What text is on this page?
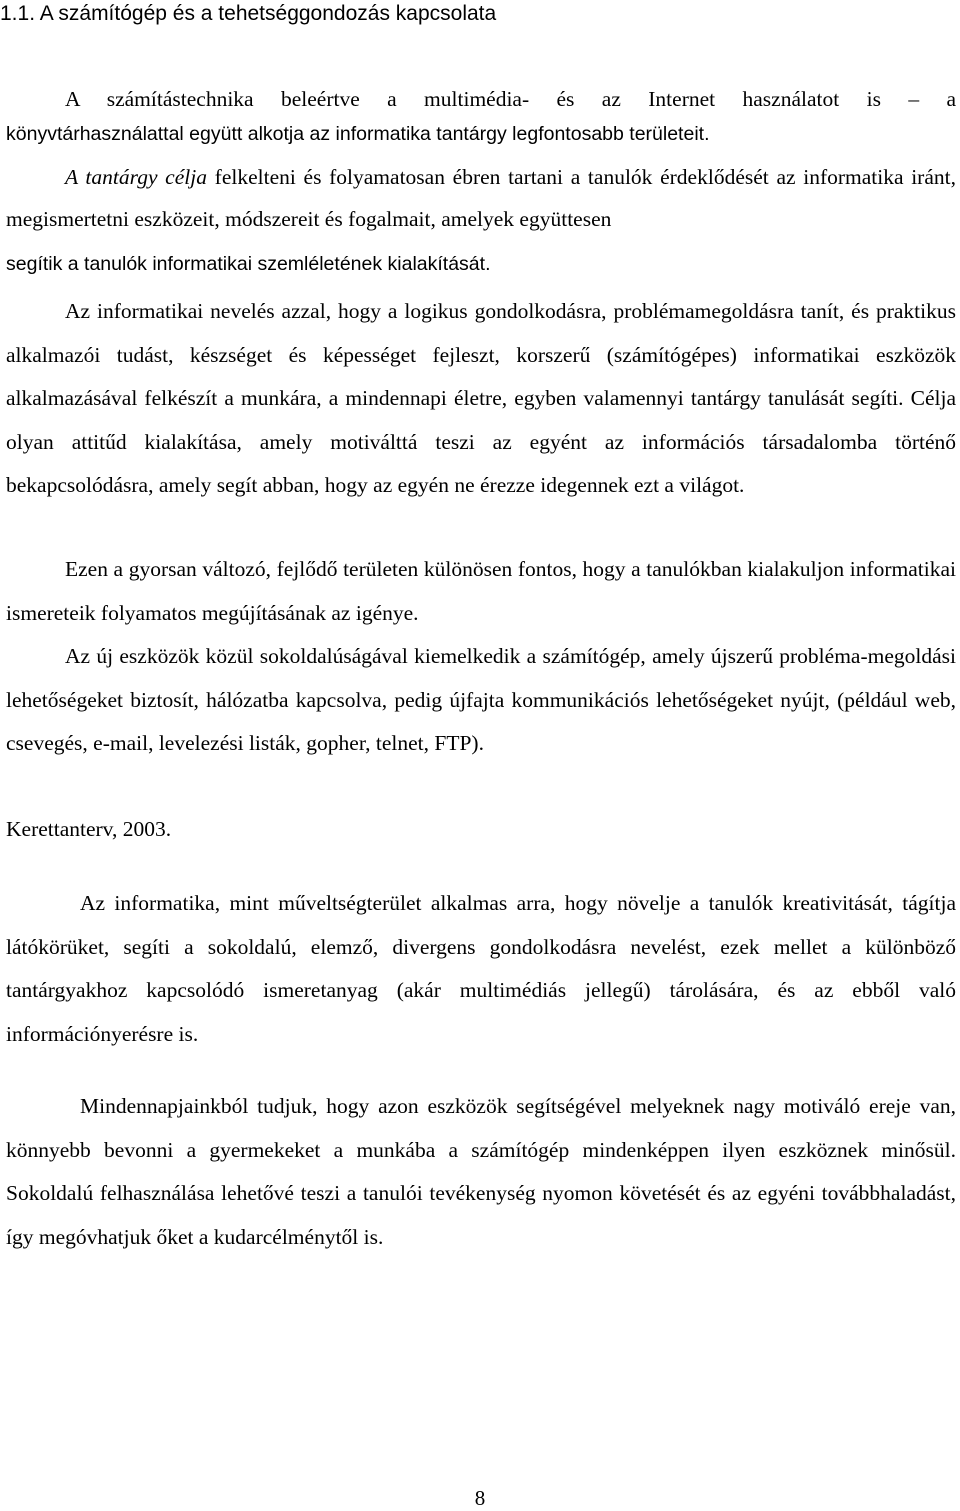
1.1. A számítógép és a tehetséggondozás kapcsolata

A számítástechnika beleértve a multimédia- és az Internet használatot is – a

könyvtárhasználattal együtt alkotja az informatika tantárgy legfontosabb területeit.

A tantárgy célja felkelteni és folyamatosan ébren tartani a tanulók érdeklődését az informatika iránt, megismertetni eszközeit, módszereit és fogalmait, amelyek együttesen

segítik a tanulók informatikai szemléletének kialakítását.

Az informatikai nevelés azzal, hogy a logikus gondolkodásra, problémamegoldásra tanít, és praktikus alkalmazói tudást, készséget és képességet fejleszt, korszerű (számítógépes) informatikai eszközök alkalmazásával felkészít a munkára, a mindennapi életre, egyben valamennyi tantárgy tanulását segíti. Célja olyan attitűd kialakítása, amely motiválttá teszi az egyént az információs társadalomba történő bekapcsolódásra, amely segít abban, hogy az egyén ne érezze idegennek ezt a világot.

Ezen a gyorsan változó, fejlődő területen különösen fontos, hogy a tanulókban kialakuljon informatikai ismereteik folyamatos megújításának az igénye.

Az új eszközök közül sokoldalúságával kiemelkedik a számítógép, amely újszerű probléma-megoldási lehetőségeket biztosít, hálózatba kapcsolva, pedig újfajta kommunikációs lehetőségeket nyújt, (például web, csevegés, e-mail, levelezési listák, gopher, telnet, FTP).

Kerettanterv, 2003.

Az informatika, mint műveltségterület alkalmas arra, hogy növelje a tanulók kreativitását, tágítja látókörüket, segíti a sokoldalú, elemző, divergens gondolkodásra nevelést, ezek mellet a különböző tantárgyakhoz kapcsolódó ismeretanyag (akár multimédiás jellegű) tárolására, és az ebből való információnyerésre is.

Mindennapjainkból tudjuk, hogy azon eszközök segítségével melyeknek nagy motiváló ereje van, könnyebb bevonni a gyermekeket a munkába a számítógép mindenképpen ilyen eszköznek minősül. Sokoldalú felhasználása lehetővé teszi a tanulói tevékenység nyomon követését és az egyéni továbbhaladást, így megóvhatjuk őket a kudarcélménytől is.

8
